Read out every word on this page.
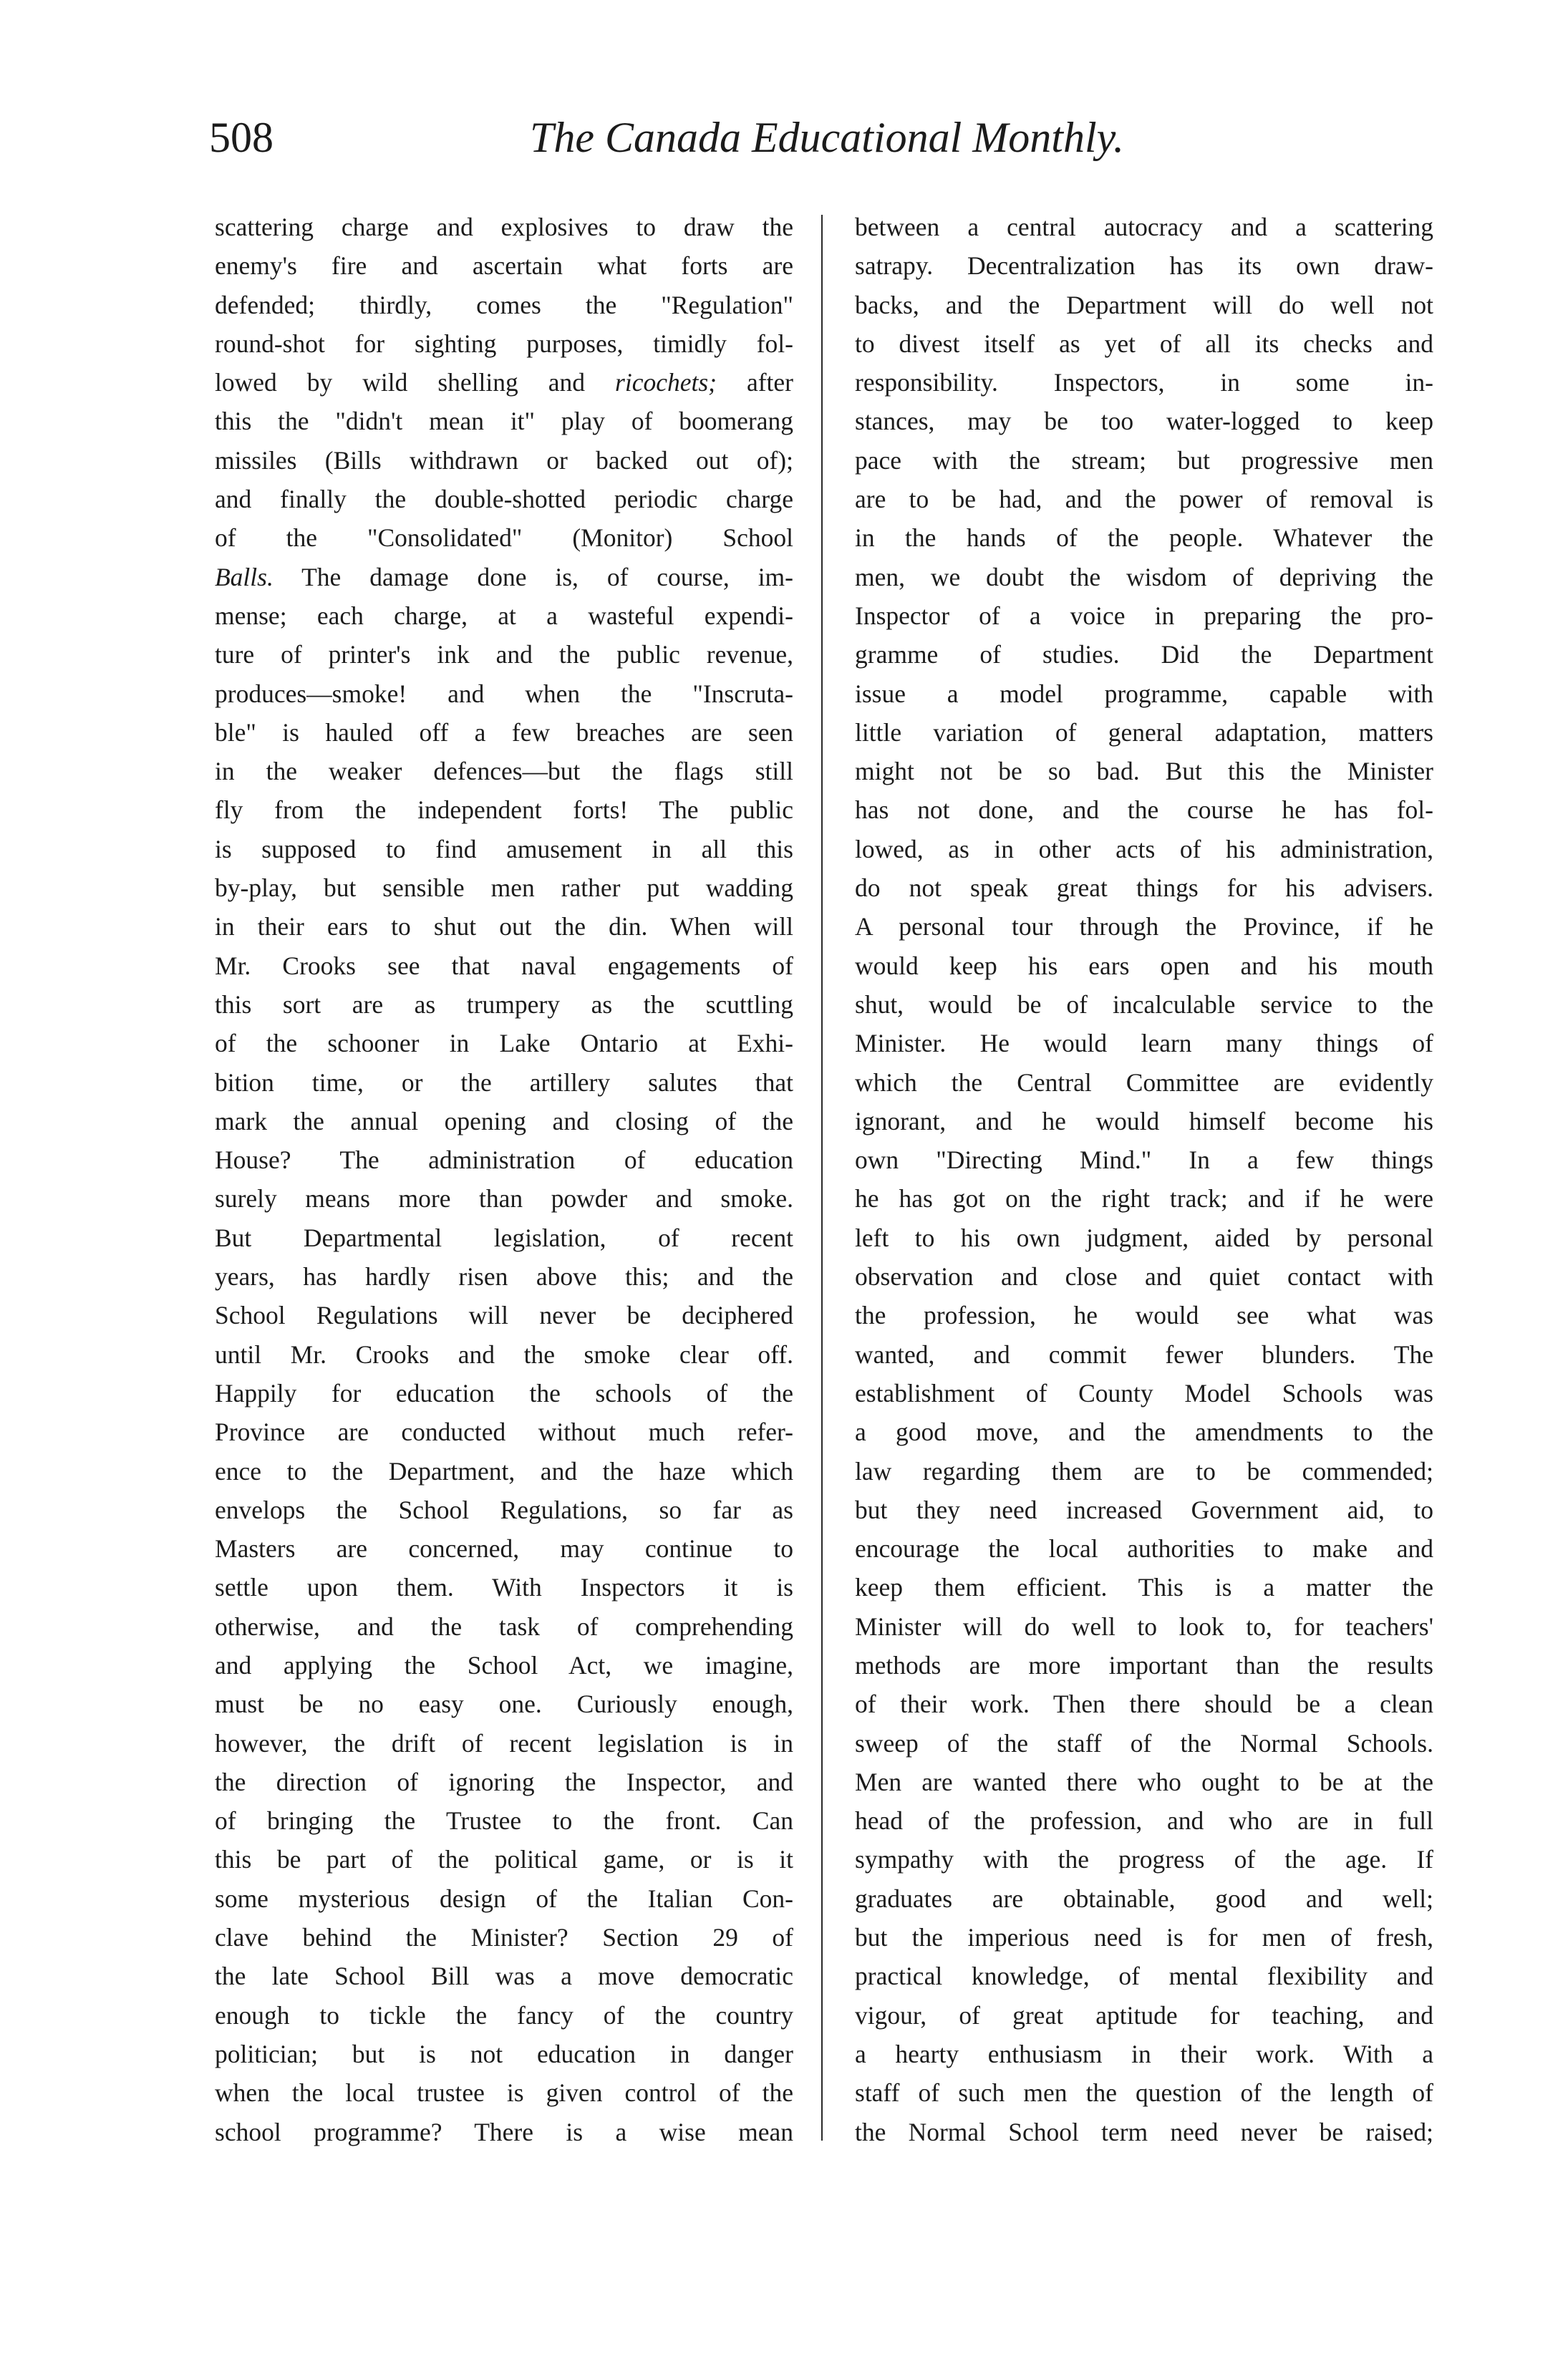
508	The Canada Educational Monthly.
scattering charge and explosives to draw the
enemy's fire and ascertain what forts are
defended; thirdly, comes the "Regulation"
round-shot for sighting purposes, timidly fol-
lowed by wild shelling and ricochets; after
this the "didn't mean it" play of boomerang
missiles (Bills withdrawn or backed out of);
and finally the double-shotted periodic charge
of the "Consolidated" (Monitor) School
Balls. The damage done is, of course, im-
mense; each charge, at a wasteful expendi-
ture of printer's ink and the public revenue,
produces—smoke! and when the "Inscruta-
ble" is hauled off a few breaches are seen
in the weaker defences—but the flags still
fly from the independent forts! The public
is supposed to find amusement in all this
by-play, but sensible men rather put wadding
in their ears to shut out the din. When will
Mr. Crooks see that naval engagements of
this sort are as trumpery as the scuttling
of the schooner in Lake Ontario at Exhi-
bition time, or the artillery salutes that
mark the annual opening and closing of the
House? The administration of education
surely means more than powder and smoke.
But Departmental legislation, of recent
years, has hardly risen above this; and the
School Regulations will never be deciphered
until Mr. Crooks and the smoke clear off.
Happily for education the schools of the
Province are conducted without much refer-
ence to the Department, and the haze which
envelops the School Regulations, so far as
Masters are concerned, may continue to
settle upon them. With Inspectors it is
otherwise, and the task of comprehending
and applying the School Act, we imagine,
must be no easy one. Curiously enough,
however, the drift of recent legislation is in
the direction of ignoring the Inspector, and
of bringing the Trustee to the front. Can
this be part of the political game, or is it
some mysterious design of the Italian Con-
clave behind the Minister? Section 29 of
the late School Bill was a move democratic
enough to tickle the fancy of the country
politician; but is not education in danger
when the local trustee is given control of the
school programme? There is a wise mean
between a central autocracy and a scattering
satrapy. Decentralization has its own draw-
backs, and the Department will do well not
to divest itself as yet of all its checks and
responsibility. Inspectors, in some in-
stances, may be too water-logged to keep
pace with the stream; but progressive men
are to be had, and the power of removal is
in the hands of the people. Whatever the
men, we doubt the wisdom of depriving the
Inspector of a voice in preparing the pro-
gramme of studies. Did the Department
issue a model programme, capable with
little variation of general adaptation, matters
might not be so bad. But this the Minister
has not done, and the course he has fol-
lowed, as in other acts of his administration,
do not speak great things for his advisers.
A personal tour through the Province, if he
would keep his ears open and his mouth
shut, would be of incalculable service to the
Minister. He would learn many things of
which the Central Committee are evidently
ignorant, and he would himself become his
own "Directing Mind." In a few things
he has got on the right track; and if he were
left to his own judgment, aided by personal
observation and close and quiet contact with
the profession, he would see what was
wanted, and commit fewer blunders. The
establishment of County Model Schools was
a good move, and the amendments to the
law regarding them are to be commended;
but they need increased Government aid, to
encourage the local authorities to make and
keep them efficient. This is a matter the
Minister will do well to look to, for teachers'
methods are more important than the results
of their work. Then there should be a clean
sweep of the staff of the Normal Schools.
Men are wanted there who ought to be at the
head of the profession, and who are in full
sympathy with the progress of the age. If
graduates are obtainable, good and well;
but the imperious need is for men of fresh,
practical knowledge, of mental flexibility and
vigour, of great aptitude for teaching, and
a hearty enthusiasm in their work. With a
staff of such men the question of the length of
the Normal School term need never be raised;
